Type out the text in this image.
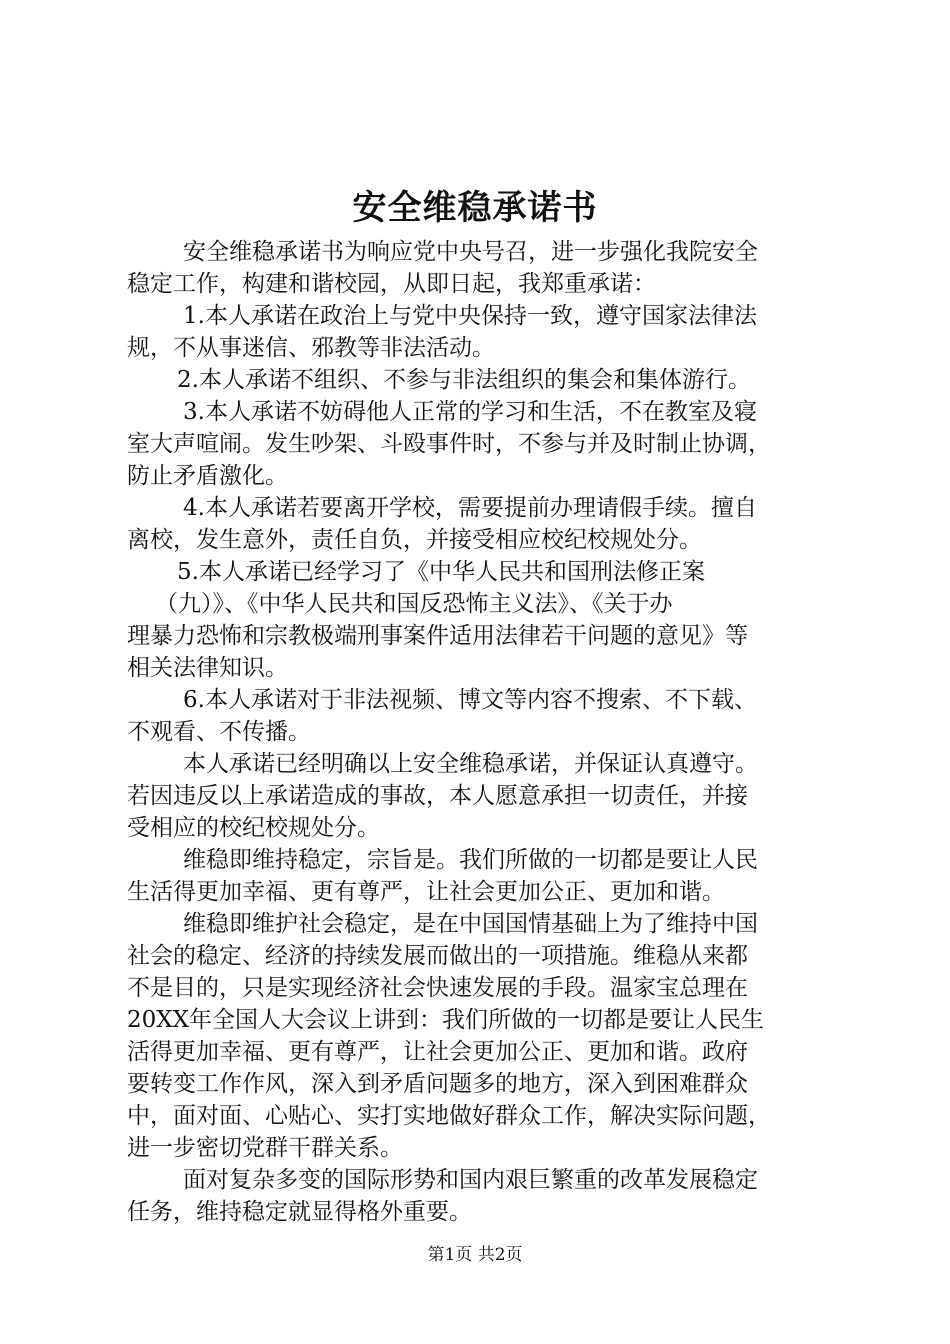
安全维稳承诺书
安全维稳承诺书为响应党中央号召，进一步强化我院安全
稳定工作，构建和谐校园，从即日起，我郑重承诺：
1.本人承诺在政治上与党中央保持一致，遵守国家法律法
规，不从事迷信、邪教等非法活动。
2.本人承诺不组织、不参与非法组织的集会和集体游行。
3.本人承诺不妨碍他人正常的学习和生活，不在教室及寝
室大声喧闹。发生吵架、斗殴事件时，不参与并及时制止协调，
防止矛盾激化。
4.本人承诺若要离开学校，需要提前办理请假手续。擅自
离校，发生意外，责任自负，并接受相应校纪校规处分。
5.本人承诺已经学习了《中华人民共和国刑法修正案
（九）》、《中华人民共和国反恐怖主义法》、《关于办
理暴力恐怖和宗教极端刑事案件适用法律若干问题的意见》等
相关法律知识。
6.本人承诺对于非法视频、博文等内容不搜索、不下载、
不观看、不传播。
本人承诺已经明确以上安全维稳承诺，并保证认真遵守。
若因违反以上承诺造成的事故，本人愿意承担一切责任，并接
受相应的校纪校规处分。
维稳即维持稳定，宗旨是。我们所做的一切都是要让人民
生活得更加幸福、更有尊严，让社会更加公正、更加和谐。
维稳即维护社会稳定，是在中国国情基础上为了维持中国
社会的稳定、经济的持续发展而做出的一项措施。维稳从来都
不是目的，只是实现经济社会快速发展的手段。温家宝总理在
20XX年全国人大会议上讲到：我们所做的一切都是要让人民生
活得更加幸福、更有尊严，让社会更加公正、更加和谐。政府
要转变工作作风，深入到矛盾问题多的地方，深入到困难群众
中，面对面、心贴心、实打实地做好群众工作，解决实际问题，
进一步密切党群干群关系。
面对复杂多变的国际形势和国内艰巨繁重的改革发展稳定
任务，维持稳定就显得格外重要。
第1页 共2页
